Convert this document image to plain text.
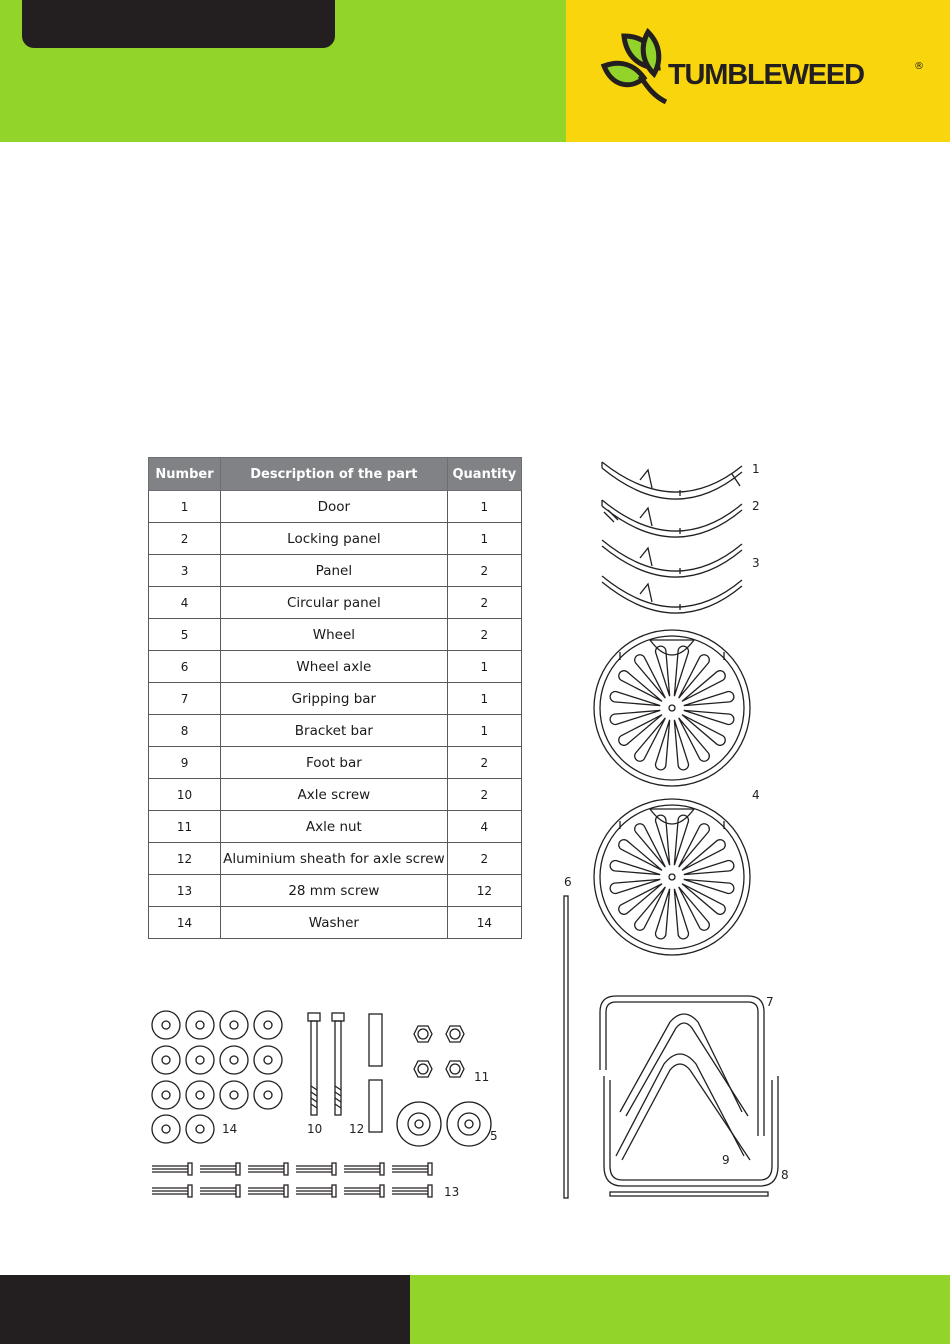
TUMBLEWEED	®
Number	Description of the part	Quantity
1	Door	1
2	Locking panel	1
3	Panel	2
4	Circular panel	2
5	Wheel	2
6	Wheel axle	1
7	Gripping bar	1
8	Bracket bar	1
9	Foot bar	2
10	Axle screw	2
11	Axle nut	4
12	Aluminium sheath for axle screw	2
13	28 mm screw	12
14	Washer	14
1
2
3
4
6
7
9
8
14	10 12
11
5
13
